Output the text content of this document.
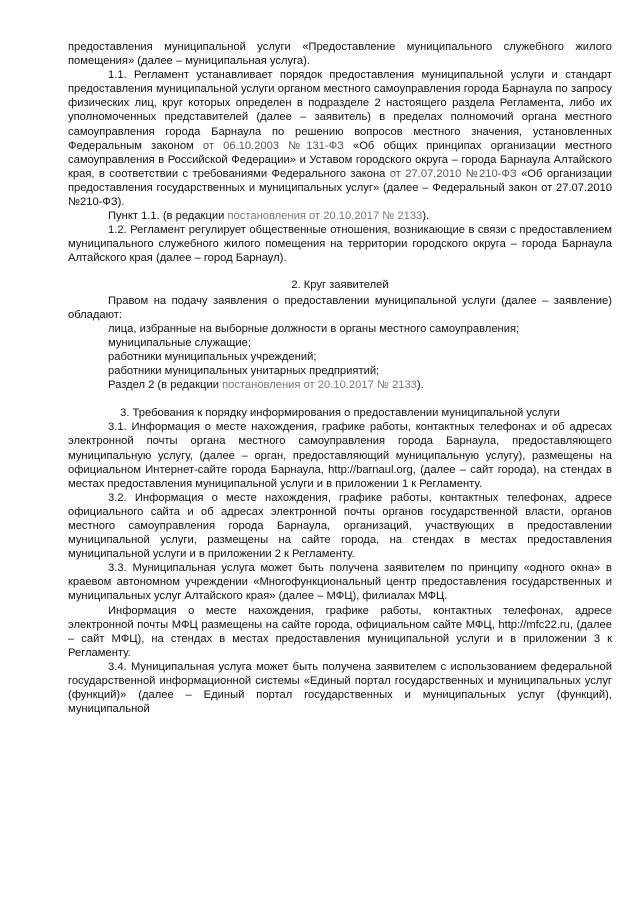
предоставления муниципальной услуги «Предоставление муниципального служебного жилого помещения» (далее – муниципальная услуга).

1.1. Регламент устанавливает порядок предоставления муниципальной услуги и стандарт предоставления муниципальной услуги органом местного самоуправления города Барнаула по запросу физических лиц, круг которых определен в подразделе 2 настоящего раздела Регламента, либо их уполномоченных представителей (далее – заявитель) в пределах полномочий органа местного самоуправления города Барнаула по решению вопросов местного значения, установленных Федеральным законом от 06.10.2003 №131-ФЗ «Об общих принципах организации местного самоуправления в Российской Федерации» и Уставом городского округа – города Барнаула Алтайского края, в соответствии с требованиями Федерального закона от 27.07.2010 №210-ФЗ «Об организации предоставления государственных и муниципальных услуг» (далее – Федеральный закон от 27.07.2010 №210-ФЗ).

Пункт 1.1. (в редакции постановления от 20.10.2017 № 2133).

1.2. Регламент регулирует общественные отношения, возникающие в связи с предоставлением муниципального служебного жилого помещения на территории городского округа – города Барнаула Алтайского края (далее – город Барнаул).

2. Круг заявителей

Правом на подачу заявления о предоставлении муниципальной услуги (далее – заявление) обладают:

лица, избранные на выборные должности в органы местного самоуправления;

муниципальные служащие;

работники муниципальных учреждений;

работники муниципальных унитарных предприятий;

Раздел 2 (в редакции постановления от 20.10.2017 № 2133).

3. Требования к порядку информирования о предоставлении муниципальной услуги

3.1. Информация о месте нахождения, графике работы, контактных телефонах и об адресах электронной почты органа местного самоуправления города Барнаула, предоставляющего муниципальную услугу, (далее – орган, предоставляющий муниципальную услугу), размещены на официальном Интернет-сайте города Барнаула, http://barnaul.org, (далее – сайт города), на стендах в местах предоставления муниципальной услуги и в приложении 1 к Регламенту.

3.2. Информация о месте нахождения, графике работы, контактных телефонах, адресе официального сайта и об адресах электронной почты органов государственной власти, органов местного самоуправления города Барнаула, организаций, участвующих в предоставлении муниципальной услуги, размещены на сайте города, на стендах в местах предоставления муниципальной услуги и в приложении 2 к Регламенту.

3.3. Муниципальная услуга может быть получена заявителем по принципу «одного окна» в краевом автономном учреждении «Многофункциональный центр предоставления государственных и муниципальных услуг Алтайского края» (далее – МФЦ), филиалах МФЦ.

Информация о месте нахождения, графике работы, контактных телефонах, адресе электронной почты МФЦ размещены на сайте города, официальном сайте МФЦ, http://mfc22.ru, (далее – сайт МФЦ), на стендах в местах предоставления муниципальной услуги и в приложении 3 к Регламенту.

3.4. Муниципальная услуга может быть получена заявителем с использованием федеральной государственной информационной системы «Единый портал государственных и муниципальных услуг (функций)» (далее – Единый портал государственных и муниципальных услуг (функций), муниципальной
